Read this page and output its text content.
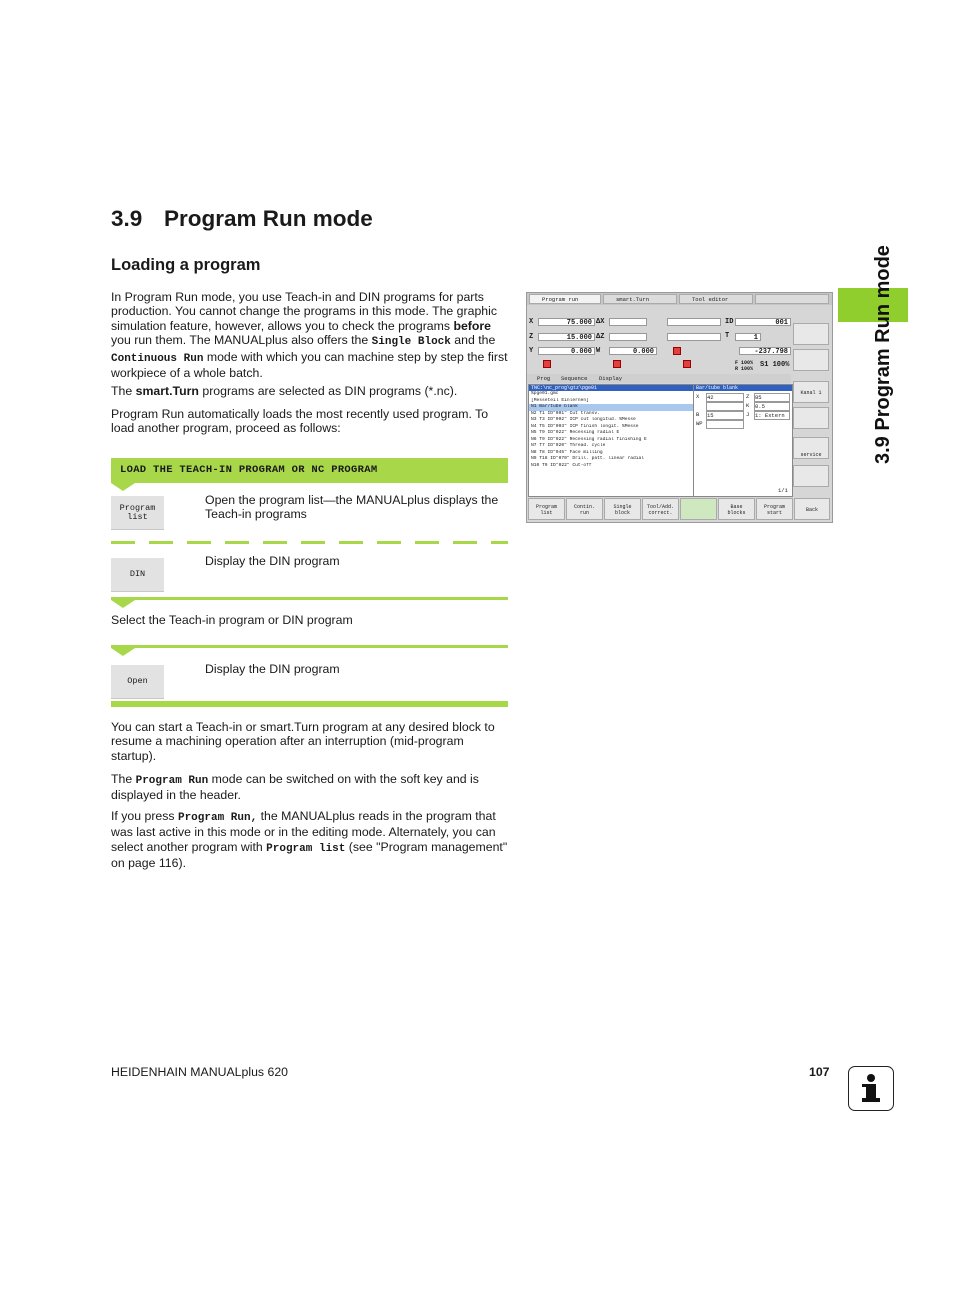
3.9 Program Run mode
3.9 Program Run mode
Loading a program

In Program Run mode, you use Teach-in and DIN programs for parts production. You cannot change the programs in this mode. The graphic simulation feature, however, allows you to check the programs before you run them. The MANUALplus also offers the Single Block and the Continuous Run mode with which you can machine step by step the first workpiece of a whole batch.

The smart.Turn programs are selected as DIN programs (*.nc).

Program Run automatically loads the most recently used program. To load another program, proceed as follows:

LOAD THE TEACH-IN PROGRAM OR NC PROGRAM
Program
list
Open the program list—the MANUALplus displays the Teach-in programs
DIN
Display the DIN program
Select the Teach-in program or DIN program
Open
Display the DIN program

You can start a Teach-in or smart.Turn program at any desired block to resume a machining operation after an interruption (mid-program startup).

The Program Run mode can be switched on with the soft key and is displayed in the header.

If you press Program Run, the MANUALplus reads in the program that was last active in this mode or in the editing mode. Alternately, you can select another program with Program list (see "Program management" on page 116).

Program run	smart.Turn	Tool editor
X	75.000 ΔX
Z	15.000 ΔZ
Y	0.000 W	0.000
ID	001
T	1
-237.798
F 100%
R 100% S1 100%
Prog Sequence Display
TNC:\nc_prog\gtz\pge01
%pge01.gmc
[Messeteil Einlernen]
N1 Bar/tube blank
N2 T1 ID"001" Cut transv.
N3 T3 ID"002" ICP cut longitud. %Messe
N4 T5 ID"003" ICP finish longit. %Messe
N5 T9 ID"022" Recessing radial E
N6 T9 ID"022" Recessing radial finishing E
N7 T7 ID"020" Thread. cycle
N8 T8 ID"045" Face milling
N9 T18 ID"070" Drill. patt. linear radial
N10 T9 ID"022" Cut-off
Bar/tube blank
X 42	Z 85
K 0.5
B 15	J 1: Extern
WP
1/1
Kanal 1
service
Program
list
Contin.
run
Single
block
Tool/Add.
correct.
Base
blocks
Program
start	Back
HEIDENHAIN MANUALplus 620	107
